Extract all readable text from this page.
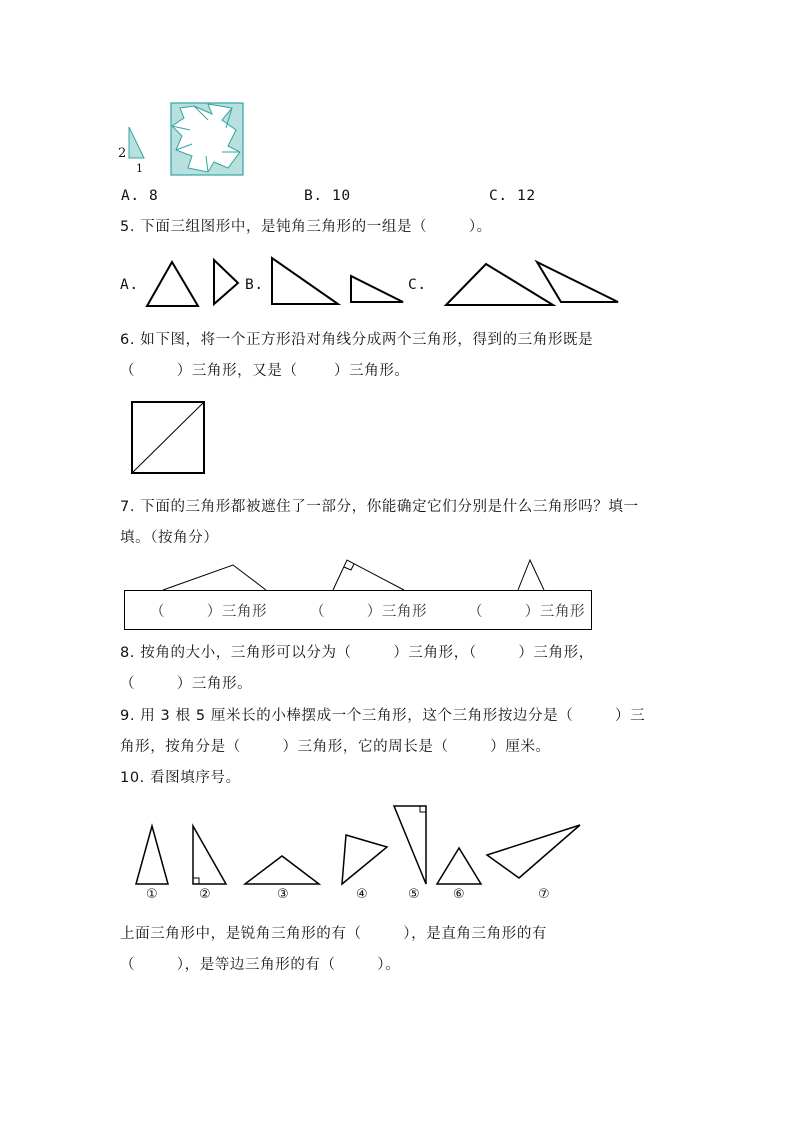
2
1
A. 8	B. 10	C. 12
5. 下面三组图形中，是钝角三角形的一组是（        ）。
A.	B.	C.
6. 如下图，将一个正方形沿对角线分成两个三角形，得到的三角形既是
（        ）三角形，又是（       ）三角形。
7. 下面的三角形都被遮住了一部分，你能确定它们分别是什么三角形吗？填一
填。（按角分）
（        ）三角形	（        ）三角形	（        ）三角形
8. 按角的大小，三角形可以分为（        ）三角形，（        ）三角形，
（        ）三角形。
9. 用 3 根 5 厘米长的小棒摆成一个三角形，这个三角形按边分是（        ）三
角形，按角分是（        ）三角形，它的周长是（        ）厘米。
10. 看图填序号。
①	②	③	④	⑤	⑥	⑦
上面三角形中，是锐角三角形的有（        ），是直角三角形的有
（        ），是等边三角形的有（        ）。
